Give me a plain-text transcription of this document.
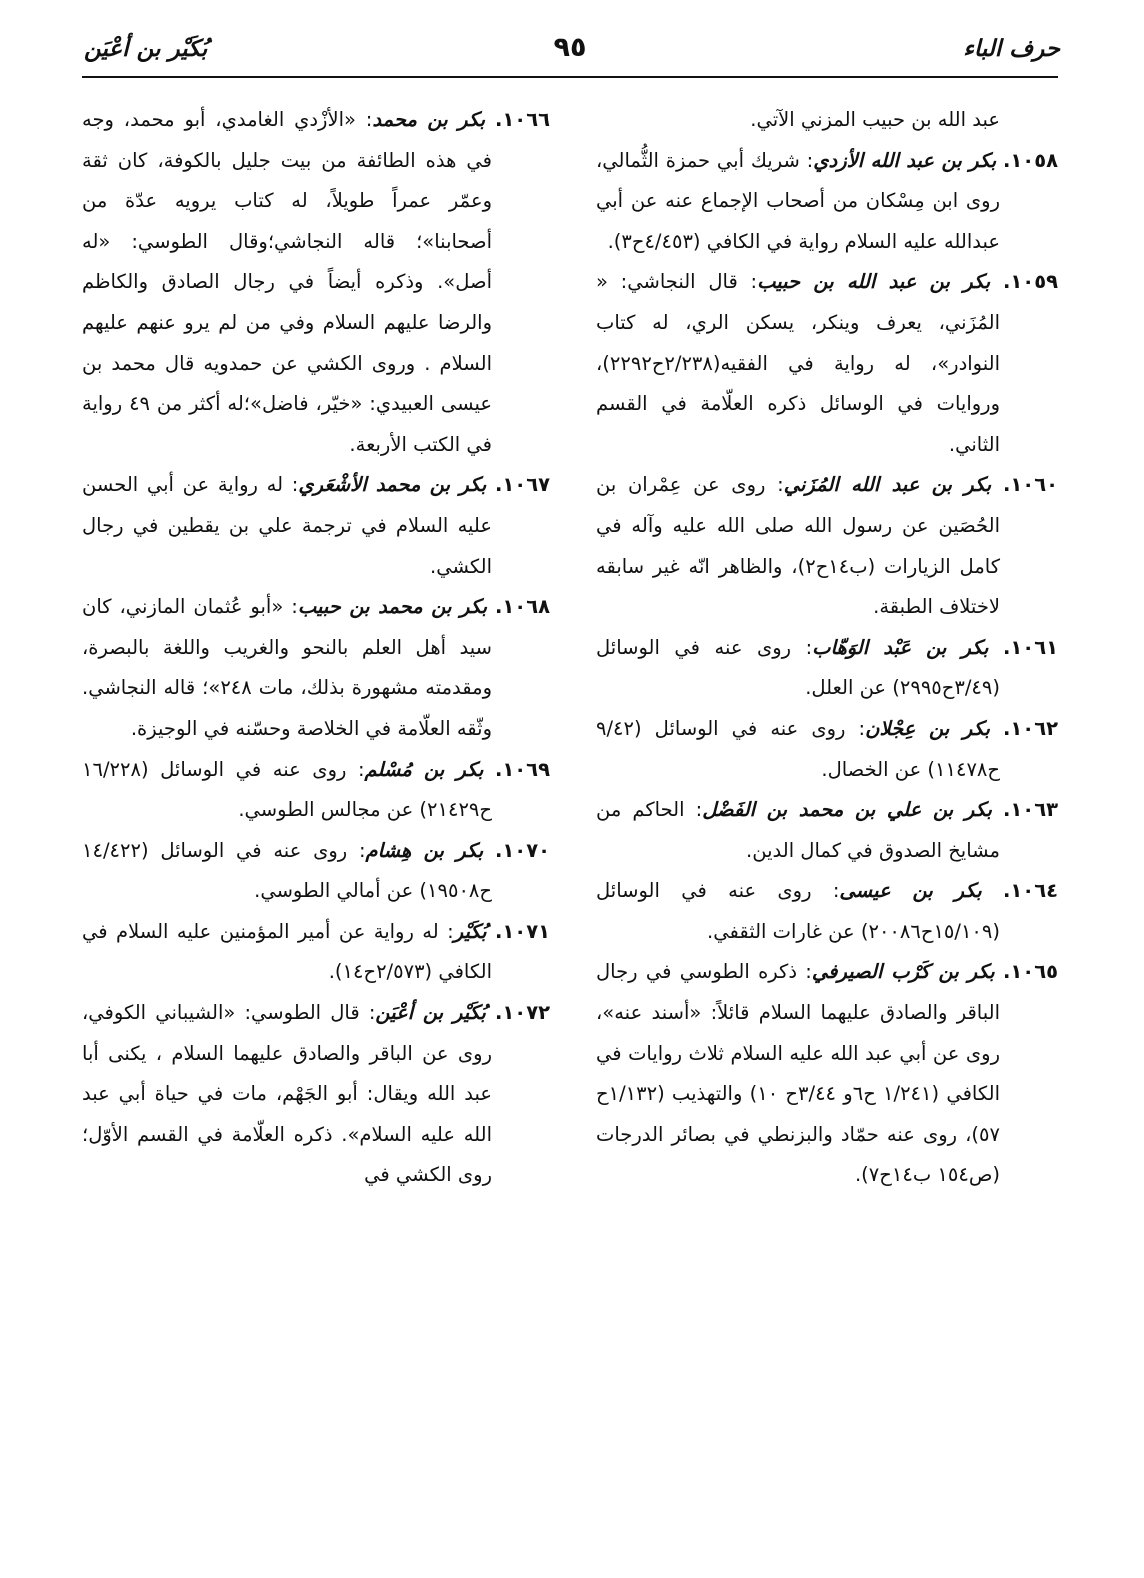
حرف الباء
٩٥
بُكَيْر بن أعْيَن

عبد الله بن حبيب المزني الآتي.

١٠٥٨. بكر بن عبد الله الأزدي: شريك أبي حمزة الثُّمالي، روى ابن مِسْكان من أصحاب الإجماع عنه عن أبي عبدالله عليه السلام رواية في الكافي (٤/٤٥٣ح٣).

١٠٥٩. بكر بن عبد الله بن حبيب: قال النجاشي: « المُزَني، يعرف وينكر، يسكن الري، له كتاب النوادر»، له رواية في الفقيه(٢/٢٣٨ح٢٢٩٢)، وروايات في الوسائل ذكره العلّامة في القسم الثاني.

١٠٦٠. بكر بن عبد الله المُزَني: روى عن عِمْران بن الحُصَين عن رسول الله صلى الله عليه وآله في كامل الزيارات (ب١٤ح٢)، والظاهر انّه غير سابقه لاختلاف الطبقة.

١٠٦١. بكر بن عَبْد الوَهّاب: روى عنه في الوسائل (٣/٤٩ح٢٩٩٥) عن العلل.

١٠٦٢. بكر بن عِجْلان: روى عنه في الوسائل (٩/٤٢ ح١١٤٧٨) عن الخصال.

١٠٦٣. بكر بن علي بن محمد بن الفَضْل: الحاكم من مشايخ الصدوق في كمال الدين.

١٠٦٤. بكر بن عيسى: روى عنه في الوسائل (١٥/١٠٩ح٢٠٠٨٦) عن غارات الثقفي.

١٠٦٥. بكر بن كَرْب الصيرفي: ذكره الطوسي في رجال الباقر والصادق عليهما السلام قائلاً: «أسند عنه»، روى عن أبي عبد الله عليه السلام ثلاث روايات في الكافي (١/٢٤١ ح٦و ٣/٤٤ح ١٠) والتهذيب (١/١٣٢ح ٥٧)، روى عنه حمّاد والبزنطي في بصائر الدرجات (ص١٥٤ ب١٤ح٧).

١٠٦٦. بكر بن محمد: «الأزْدي الغامدي، أبو محمد، وجه في هذه الطائفة من بيت جليل بالكوفة، كان ثقة وعمّر عمراً طويلاً، له كتاب يرويه عدّة من أصحابنا»؛ قاله النجاشي؛وقال الطوسي: «له أصل». وذكره أيضاً في رجال الصادق والكاظم والرضا عليهم السلام وفي من لم يرو عنهم عليهم السلام . وروى الكشي عن حمدويه قال محمد بن عيسى العبيدي: «خيّر، فاضل»؛له أكثر من ٤٩ رواية في الكتب الأربعة.

١٠٦٧. بكر بن محمد الأشْعَري: له رواية عن أبي الحسن عليه السلام في ترجمة علي بن يقطين في رجال الكشي.

١٠٦٨. بكر بن محمد بن حبيب: «أبو عُثمان المازني، كان سيد أهل العلم بالنحو والغريب واللغة بالبصرة، ومقدمته مشهورة بذلك، مات ٢٤٨»؛ قاله النجاشي. وثّقه العلّامة في الخلاصة وحسّنه في الوجيزة.

١٠٦٩. بكر بن مُسْلم: روى عنه في الوسائل (١٦/٢٢٨ ح٢١٤٢٩) عن مجالس الطوسي.

١٠٧٠. بكر بن هِشام: روى عنه في الوسائل (١٤/٤٢٢ ح١٩٥٠٨) عن أمالي الطوسي.

١٠٧١. بُكَيْر: له رواية عن أمير المؤمنين عليه السلام في الكافي (٢/٥٧٣ح١٤).

١٠٧٢. بُكَيْر بن أعْيَن: قال الطوسي: «الشيباني الكوفي، روى عن الباقر والصادق عليهما السلام ، يكنى أبا عبد الله ويقال: أبو الجَهْم، مات في حياة أبي عبد الله عليه السلام». ذكره العلّامة في القسم الأوّل؛روى الكشي في
